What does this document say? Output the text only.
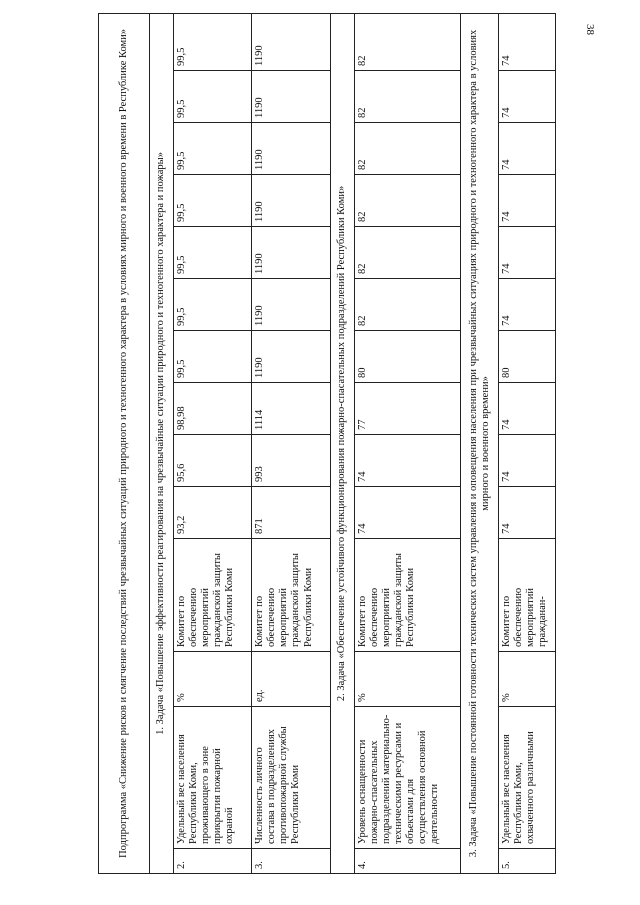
38
Подпрограмма «Снижение рисков и смягчение последствий чрезвычайных ситуаций природного и техногенного характера в условиях мирного и военного времени в Республике Коми»													
1. Задача «Повышение эффективности реагирования на чрезвычайные ситуации природного и техногенного характера и пожары»													
2.	Удельный вес населения Республики Коми, проживающего в зоне прикрытия пожарной охраной	%	Комитет по обеспечению мероприятий гражданской защиты Республики Коми	93,2	95,6	98,98	99,5	99,5	99,5	99,5	99,5	99,5	99,5
3.	Численность личного состава в подразделениях противопожарной службы Республики Коми	ед.	Комитет по обеспечению мероприятий гражданской защиты Республики Коми	871	993	1114	1190	1190	1190	1190	1190	1190	1190
2. Задача «Обеспечение устойчивого функционирования пожарно-спасательных подразделений Республики Коми»													
4.	Уровень оснащенности пожарно-спасательных подразделений материально-техническими ресурсами и объектами для осуществления основной деятельности	%	Комитет по обеспечению мероприятий гражданской защиты Республики Коми	74	74	77	80	82	82	82	82	82	82
3. Задача «Повышение постоянной готовности технических систем управления и оповещения населения при чрезвычайных ситуациях природного и техногенного характера в условиях мирного и военного времени»													
5.	Удельный вес населения Республики Коми, охваченного различными	%	Комитет по обеспечению мероприятий гражданан-	74	74	74	80	74	74	74	74	74	74
